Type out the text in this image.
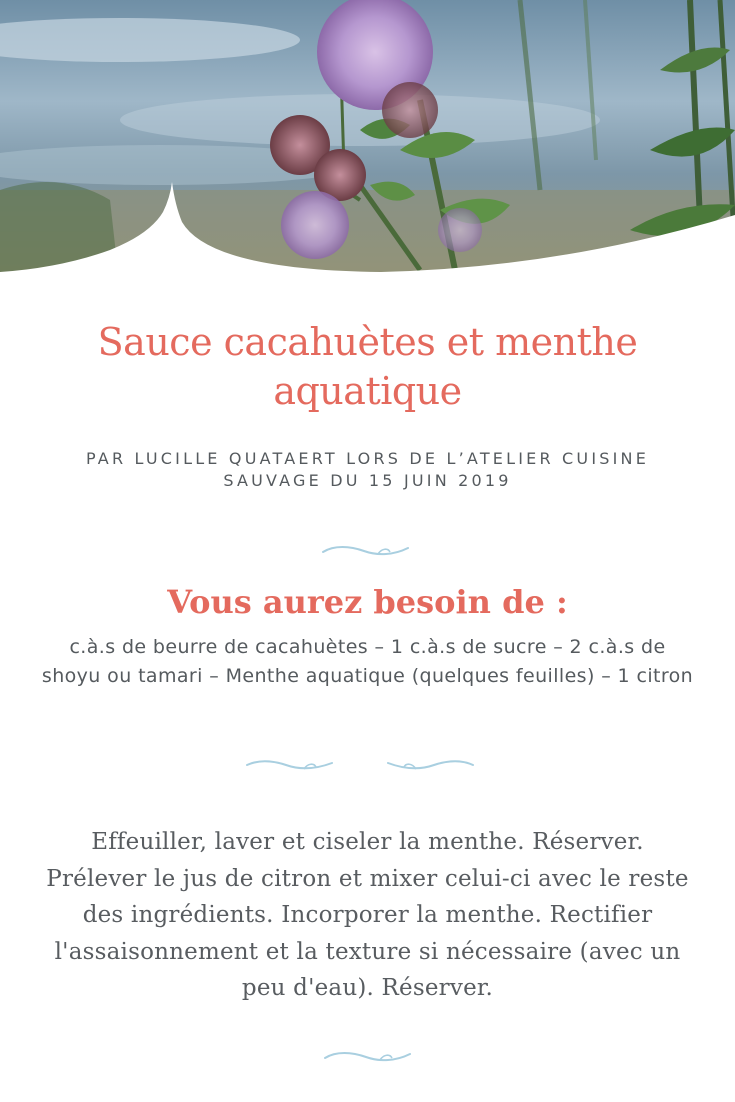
Sauce cacahuètes et menthe aquatique

PAR LUCILLE QUATAERT LORS DE L’ATELIER CUISINE SAUVAGE DU 15 JUIN 2019

Vous aurez besoin de :

c.à.s de beurre de cacahuètes – 1 c.à.s de sucre – 2 c.à.s de shoyu ou tamari – Menthe aquatique (quelques feuilles) – 1 citron

Effeuiller, laver et ciseler la menthe. Réserver. Prélever le jus de citron et mixer celui-ci avec le reste des ingrédients. Incorporer la menthe. Rectifier l'assaisonnement et la texture si nécessaire (avec un peu d'eau). Réserver.
